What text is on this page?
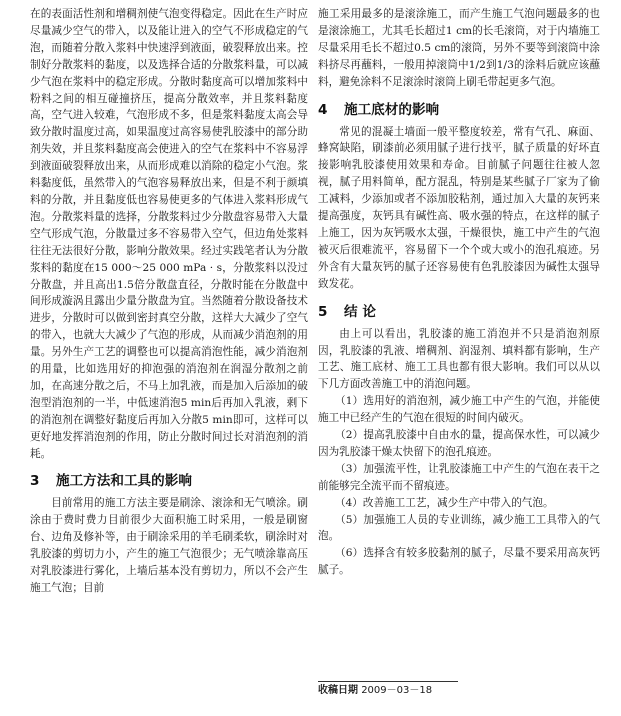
在的表面活性剂和增稠剂使气泡变得稳定。因此在生产时应尽量减少空气的带入，以及能让进入的空气不形成稳定的气泡，而随着分散入浆料中快速浮到液面，破裂释放出来。控制好分散浆料的黏度，以及选择合适的分散浆料量，可以减少气泡在浆料中的稳定形成。分散时黏度高可以增加浆料中粉料之间的相互碰撞挤压，提高分散效率，并且浆料黏度高，空气进入较难，气泡形成不多，但是浆料黏度太高会导致分散时温度过高，如果温度过高容易使乳胶漆中的部分助剂失效，并且浆料黏度高会使进入的空气在浆料中不容易浮到液面破裂释放出来，从而形成难以消除的稳定小气泡。浆料黏度低，虽然带入的气泡容易释放出来，但是不利于颜填料的分散，并且黏度低也容易使更多的气体进入浆料形成气泡。分散浆料量的选择，分散浆料过少分散盘容易带入大量空气形成气泡，分散量过多不容易带入空气，但边角处浆料往往无法很好分散，影响分散效果。经过实践笔者认为分散浆料的黏度在15 000～25 000 mPa · s，分散浆料以没过分散盘，并且高出1.5倍分散盘直径，分散时能在分散盘中间形成漩涡且露出少量分散盘为宜。当然随着分散设备技术进步，分散时可以做到密封真空分散，这样大大减少了空气的带入，也就大大减少了气泡的形成，从而减少消泡剂的用量。另外生产工艺的调整也可以提高消泡性能，减少消泡剂的用量，比如选用好的抑泡强的消泡剂在润湿分散剂之前加，在高速分散之后，不马上加乳液，而是加入后添加的破泡型消泡剂的一半，中低速消泡5 min后再加入乳液，剩下的消泡剂在调整好黏度后再加入分散5 min即可，这样可以更好地发挥消泡剂的作用，防止分散时间过长对消泡剂的消耗。

3 施工方法和工具的影响

目前常用的施工方法主要是刷涂、滚涂和无气喷涂。刷涂由于费时费力目前很少大面积施工时采用，一般是刷窗台、边角及修补等，由于刷涂采用的羊毛刷柔软，刷涂时对乳胶漆的剪切力小，产生的施工气泡很少；无气喷涂靠高压对乳胶漆进行雾化，上墙后基本没有剪切力，所以不会产生施工气泡；目前

施工采用最多的是滚涂施工，而产生施工气泡问题最多的也是滚涂施工，尤其毛长超过1 cm的长毛滚筒，对于内墙施工尽量采用毛长不超过0.5 cm的滚筒，另外不要等到滚筒中涂料挤尽再蘸料，一般用掉滚筒中1/2到1/3的涂料后就应该蘸料，避免涂料不足滚涂时滚筒上刷毛带起更多气泡。

4 施工底材的影响

常见的混凝土墙面一般平整度较差，常有气孔、麻面、蜂窝缺陷，刷漆前必须用腻子进行找平，腻子质量的好坏直接影响乳胶漆使用效果和寿命。目前腻子问题往往被人忽视，腻子用料简单，配方混乱，特别是某些腻子厂家为了偷工减料，少添加或者不添加胶粘剂，通过加入大量的灰钙来提高强度，灰钙具有碱性高、吸水强的特点，在这样的腻子上施工，因为灰钙吸水太强，干燥很快，施工中产生的气泡被灭后很难流平，容易留下一个个或大或小的泡孔痕迹。另外含有大量灰钙的腻子还容易使有色乳胶漆因为碱性太强导致发花。

5 结 论

由上可以看出，乳胶漆的施工消泡并不只是消泡剂原因，乳胶漆的乳液、增稠剂、润湿剂、填料都有影响，生产工艺、施工底材、施工工具也都有很大影响。我们可以从以下几方面改善施工中的消泡问题。

（1）选用好的消泡剂，减少施工中产生的气泡，并能使施工中已经产生的气泡在很短的时间内破灭。

（2）提高乳胶漆中自由水的量，提高保水性，可以减少因为乳胶漆干燥太快留下的泡孔痕迹。

（3）加强流平性，让乳胶漆施工中产生的气泡在表干之前能够完全流平而不留痕迹。

（4）改善施工工艺，减少生产中带入的气泡。

（5）加强施工人员的专业训练，减少施工工具带入的气泡。

（6）选择含有较多胶黏剂的腻子，尽量不要采用高灰钙腻子。

收稿日期 2009－03－18
